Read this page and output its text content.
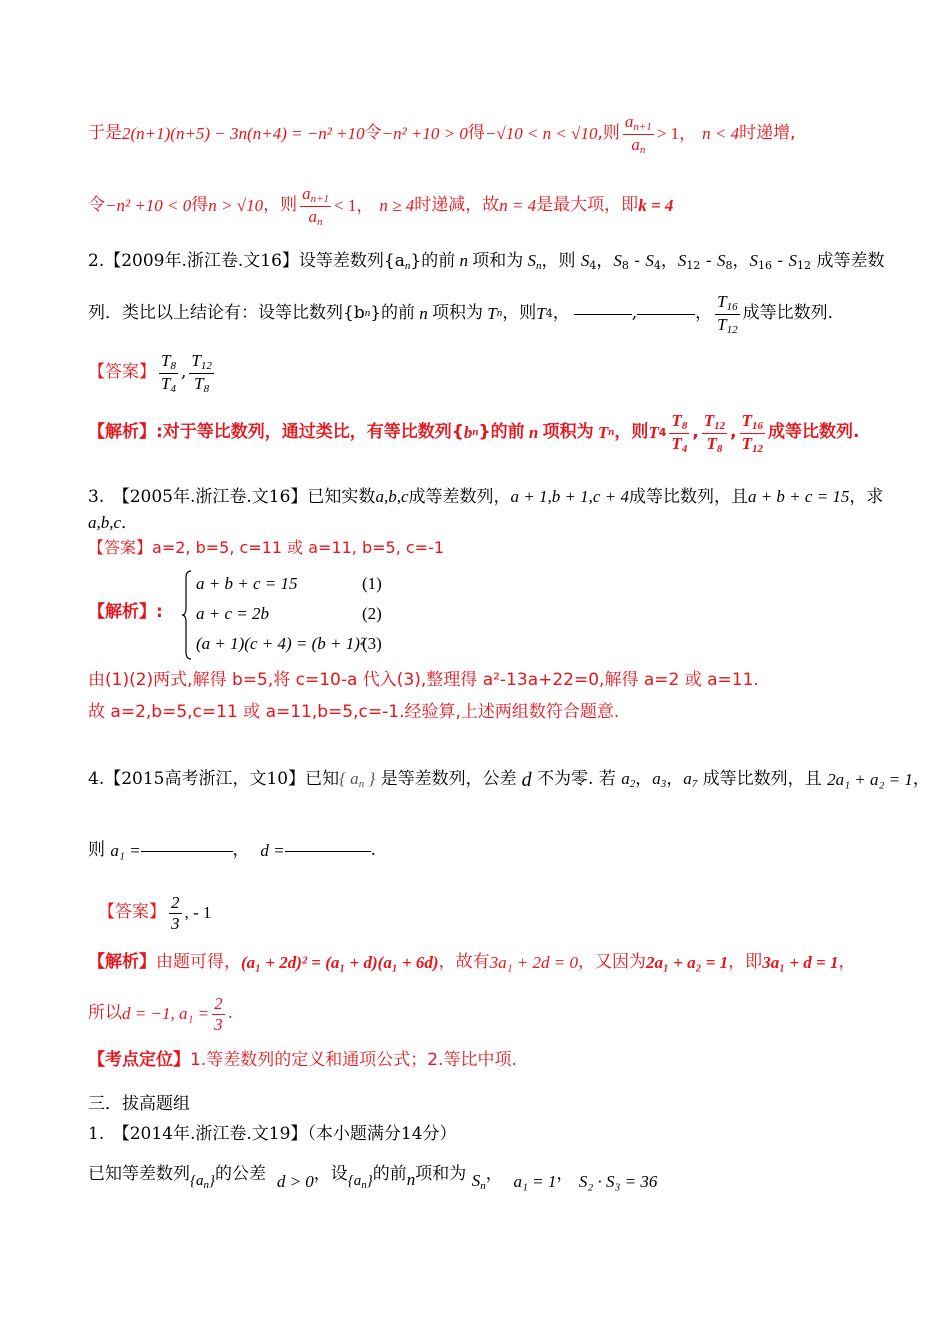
于是 2(n+1)(n+5) − 3n(n+4) = −n² +10 令 −n² +10 > 0 得 −√10 < n < √10 ,则 $\frac{a_{n+1}}{a_n} > 1$， n < 4 时递增,
令 −n² +10 < 0 得 n > √10 ，则 $\frac{a_{n+1}}{a_n} < 1$， n ≥ 4 时递减，故 n = 4 是最大项，即 k = 4
2.【2009年.浙江卷.文16】设等差数列$\{a_n\}$的前 n 项和为 $S_n$，则 $S_4$，$S_8 - S_4$，$S_{12} - S_8$，$S_{16} - S_{12}$ 成等差数
列．类比以上结论有：设等比数列{b n }的前 n 项积为 T n ，则 T 4 ，	,	， $\frac{T_{16}}{T_{12}}$ 成等比数列．
【答案】 $\frac{T_8}{T_4}$ , $\frac{T_{12}}{T_8}$
【解析】 :对于等比数列，通过类比，有等比数列{ b n }的前 n 项积为 T n ，则 T $4 \frac{T_8}{T_4}$ , $\frac{T_{12}}{T_8}$ , $\frac{T_{16}}{T_{12}}$ 成等比数列.
3.　【2005年.浙江卷.文16】已知实数a,b,c成等差数列，a + 1,b + 1,c + 4成等比数列，且a + b + c = 15，求
a,b,c．
【答案】a=2, b=5, c=11 或 a=11, b=5, c=-1
【解析】:
a + b + c = 15
a + c = 2b
(a + 1)(c + 4) = (b + 1)²
(1)
(2)
(3)
由(1)(2)两式,解得 b=5,将 c=10-a 代入(3),整理得 a²-13a+22=0,解得 a=2 或 a=11.
故 a=2,b=5,c=11 或 a=11,b=5,c=-1.经验算,上述两组数符合题意.
4.【2015高考浙江，文10】已知 { $a_n$ }
是等差数列，公差
d
不为零. 若
$a_2$ ， $a_3$ ， $a_7$
成等比数列，且
2a₁ + a₂ = 1 ，
则
a₁ =	，
d =	.
【答案】 $\frac{2}{3}$ , - 1
【解析】 由题可得， (a₁ + 2d)² = (a₁ + d)(a₁ + 6d) ，故有 3a₁ + 2d = 0 ，又因为 2a₁ + a₂ = 1 ，即 3a₁ + d = 1 ，
所以 d = −1, $a_1 = \frac{2}{3}$ .
【考点定位】1.等差数列的定义和通项公式；2.等比中项.
三．拔高题组
1.　【2014年.浙江卷.文19】（本小题满分14分）
已知等差数列 $\{a_n\}$ 的公差
d > 0 ，设 $\{a_n\}$ 的前 n 项和为
$S_n$
， a₁ = 1 ， S₂ · S₃ = 36
